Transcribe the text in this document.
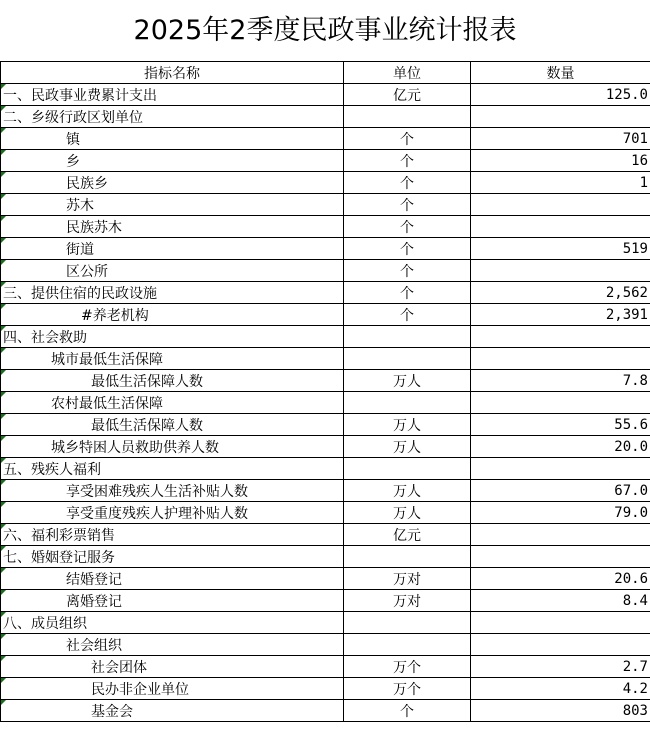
2025年2季度民政事业统计报表
指标名称	单位	数量
一、民政事业费累计支出	亿元	125.0
二、乡级行政区划单位		
镇	个	701
乡	个	16
民族乡	个	1
苏木	个	
民族苏木	个	
街道	个	519
区公所	个	
三、提供住宿的民政设施	个	2,562
#养老机构	个	2,391
四、社会救助		
城市最低生活保障		
最低生活保障人数	万人	7.8
农村最低生活保障		
最低生活保障人数	万人	55.6
城乡特困人员救助供养人数	万人	20.0
五、残疾人福利		
享受困难残疾人生活补贴人数	万人	67.0
享受重度残疾人护理补贴人数	万人	79.0
六、福利彩票销售	亿元	
七、婚姻登记服务		
结婚登记	万对	20.6
离婚登记	万对	8.4
八、成员组织		
社会组织		
社会团体	万个	2.7
民办非企业单位	万个	4.2
基金会	个	803
